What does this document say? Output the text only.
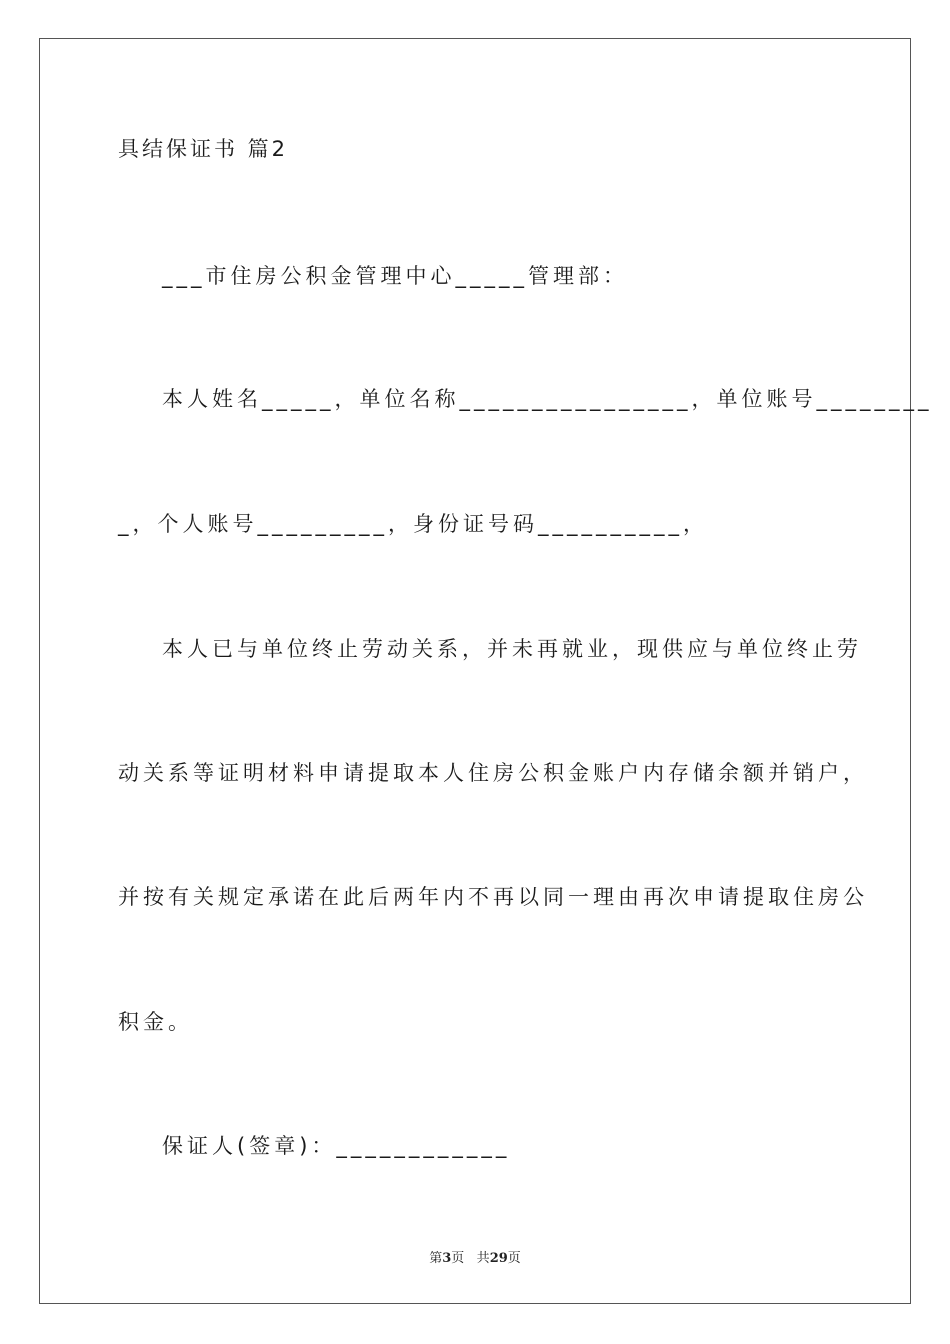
具结保证书 篇2
___市住房公积金管理中心_____管理部：
本人姓名_____，单位名称________________，单位账号________
_，个人账号_________，身份证号码__________，
本人已与单位终止劳动关系，并未再就业，现供应与单位终止劳
动关系等证明材料申请提取本人住房公积金账户内存储余额并销户，
并按有关规定承诺在此后两年内不再以同一理由再次申请提取住房公
积金。
保证人(签章)：____________
第3页 共29页
